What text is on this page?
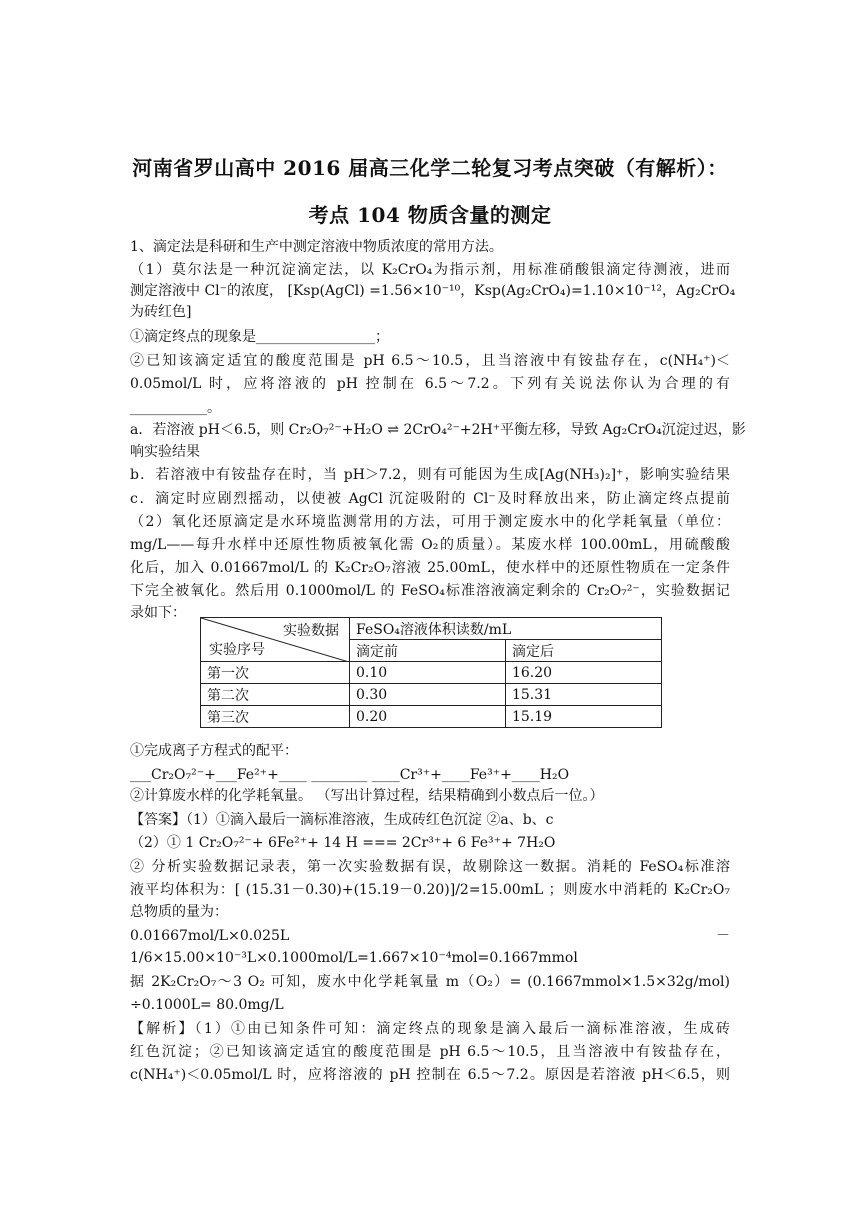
河南省罗山高中 2016 届高三化学二轮复习考点突破（有解析）：
考点 104 物质含量的测定
1、滴定法是科研和生产中测定溶液中物质浓度的常用方法。
（1）莫尔法是一种沉淀滴定法，以 K₂CrO₄为指示剂，用标准硝酸银滴定待测液，进而
测定溶液中 Cl⁻的浓度， [Ksp(AgCl) =1.56×10⁻¹⁰，Ksp(Ag₂CrO₄)=1.10×10⁻¹²，Ag₂CrO₄
为砖红色]
①滴定终点的现象是_________________；
②已知该滴定适宜的酸度范围是 pH 6.5～10.5，且当溶液中有铵盐存在，c(NH₄⁺)＜
0.05mol/L 时，应将溶液的 pH 控制在 6.5～7.2。下列有关说法你认为合理的有
___________。
a．若溶液 pH＜6.5，则 Cr₂O₇²⁻+H₂O ⇌ 2CrO₄²⁻+2H⁺平衡左移，导致 Ag₂CrO₄沉淀过迟，影
响实验结果
b．若溶液中有铵盐存在时，当 pH＞7.2，则有可能因为生成[Ag(NH₃)₂]⁺，影响实验结果
c．滴定时应剧烈摇动，以使被 AgCl 沉淀吸附的 Cl⁻及时释放出来，防止滴定终点提前
（2）氧化还原滴定是水环境监测常用的方法，可用于测定废水中的化学耗氧量（单位：
mg/L——每升水样中还原性物质被氧化需 O₂的质量）。某废水样 100.00mL，用硫酸酸
化后，加入 0.01667mol/L 的 K₂Cr₂O₇溶液 25.00mL，使水样中的还原性物质在一定条件
下完全被氧化。然后用 0.1000mol/L 的 FeSO₄标准溶液滴定剩余的 Cr₂O₇²⁻，实验数据记
录如下：
①完成离子方程式的配平：
___Cr₂O₇²⁻+___Fe²⁺+____ ________ ____Cr³⁺+____Fe³⁺+____H₂O
②计算废水样的化学耗氧量。 （写出计算过程，结果精确到小数点后一位。）
【答案】（1）①滴入最后一滴标准溶液，生成砖红色沉淀 ②a、b、c
（2）① 1 Cr₂O₇²⁻+ 6Fe²⁺+ 14 H === 2Cr³⁺+ 6 Fe³⁺+ 7H₂O
② 分析实验数据记录表，第一次实验数据有误，故剔除这一数据。消耗的 FeSO₄标准溶
液平均体积为：[ (15.31－0.30)+(15.19－0.20)]/2=15.00mL ；则废水中消耗的 K₂Cr₂O₇
总物质的量为：
0.01667mol/L×0.025L －
1/6×15.00×10⁻³L×0.1000mol/L=1.667×10⁻⁴mol=0.1667mmol
据 2K₂Cr₂O₇～3 O₂ 可知，废水中化学耗氧量 m（O₂）= (0.1667mmol×1.5×32g/mol)
÷0.1000L= 80.0mg/L
【解析】（1）①由已知条件可知：滴定终点的现象是滴入最后一滴标准溶液，生成砖
红色沉淀；②已知该滴定适宜的酸度范围是 pH 6.5～10.5，且当溶液中有铵盐存在，
c(NH₄⁺)＜0.05mol/L 时，应将溶液的 pH 控制在 6.5～7.2。原因是若溶液 pH＜6.5，则
实验数据
实验序号	FeSO₄溶液体积读数/mL	
	滴定前	滴定后
第一次	0.10	16.20
第二次	0.30	15.31
第三次	0.20	15.19
